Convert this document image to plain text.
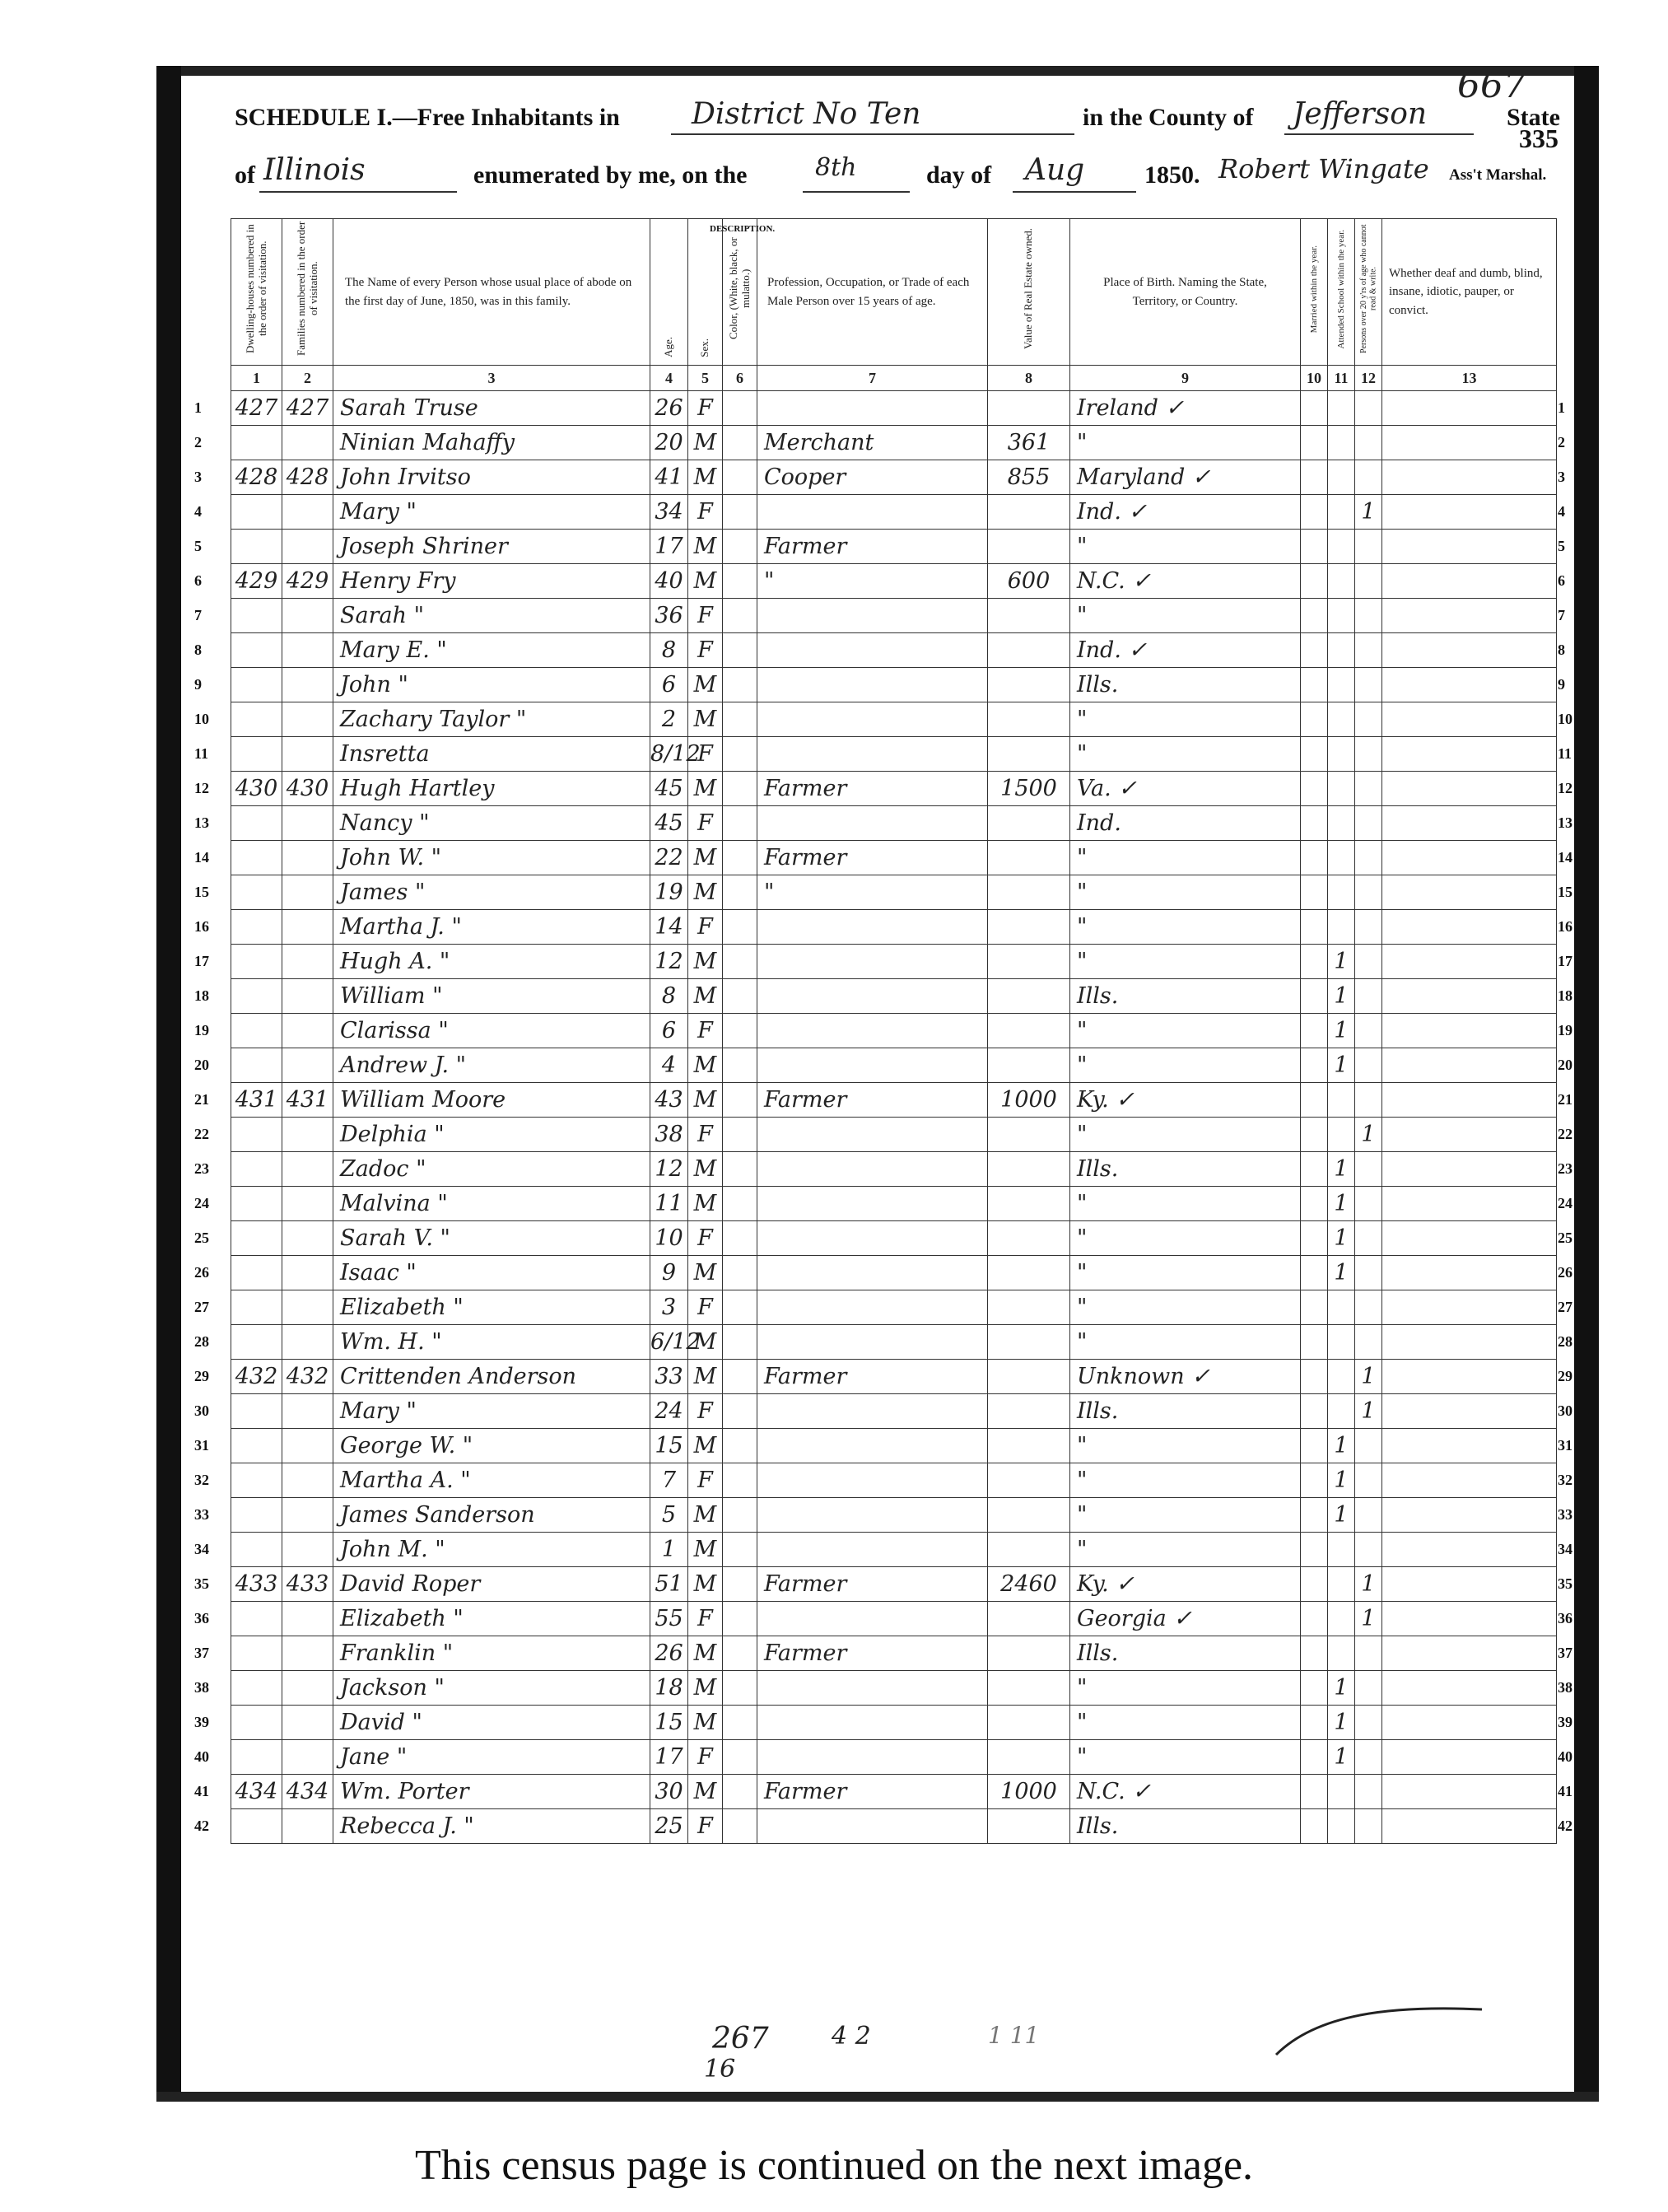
667
335
SCHEDULE I.—Free Inhabitants in District No Ten	in the County of Jefferson	State
of Illinois	enumerated by me, on the	8th	day of Aug 1850. Robert Wingate Ass't Marshal.
Dwelling-houses numbered in the order of visitation.	Families numbered in the order of visitation.	The Name of every Person whose usual place of abode on the first day of June, 1850, was in this family.	Age.	Sex.	Color, (White, black, or mulatto.)	Profession, Occupation, or Trade of each Male Person over 15 years of age.	Value of Real Estate owned.	Place of Birth. Naming the State, Territory, or Country.	Married within the year.	Attended School within the year.	Persons over 20 y'rs of age who cannot read & write.	Whether deaf and dumb, blind, insane, idiotic, pauper, or convict.
1	2	3	4	5	6	7	8	9	10	11	12	13
427	427	Sarah Truse	26	F				Ireland ✓				
		Ninian Mahaffy	20	M		Merchant	361	"				
428	428	John Irvitso	41	M		Cooper	855	Maryland ✓				
		Mary "	34	F				Ind. ✓			1	
		Joseph Shriner	17	M		Farmer		"				
429	429	Henry Fry	40	M		"	600	N.C. ✓				
		Sarah "	36	F				"				
		Mary E. "	8	F				Ind. ✓				
		John "	6	M				Ills.				
		Zachary Taylor "	2	M				"				
		Insretta	8/12	F				"				
430	430	Hugh Hartley	45	M		Farmer	1500	Va. ✓				
		Nancy "	45	F				Ind.				
		John W. "	22	M		Farmer		"				
		James "	19	M		"		"				
		Martha J. "	14	F				"				
		Hugh A. "	12	M				"		1		
		William "	8	M				Ills.		1		
		Clarissa "	6	F				"		1		
		Andrew J. "	4	M				"		1		
431	431	William Moore	43	M		Farmer	1000	Ky. ✓				
		Delphia "	38	F				"			1	
		Zadoc "	12	M				Ills.		1		
		Malvina "	11	M				"		1		
		Sarah V. "	10	F				"		1		
		Isaac "	9	M				"		1		
		Elizabeth "	3	F				"				
		Wm. H. "	6/12	M				"				
432	432	Crittenden Anderson	33	M		Farmer		Unknown ✓			1	
		Mary "	24	F				Ills.			1	
		George W. "	15	M				"		1		
		Martha A. "	7	F				"		1		
		James Sanderson	5	M				"		1		
		John M. "	1	M				"				
433	433	David Roper	51	M		Farmer	2460	Ky. ✓			1	
		Elizabeth "	55	F				Georgia ✓			1	
		Franklin "	26	M		Farmer		Ills.				
		Jackson "	18	M				"		1		
		David "	15	M				"		1		
		Jane "	17	F				"		1		
434	434	Wm. Porter	30	M		Farmer	1000	N.C. ✓				
		Rebecca J. "	25	F				Ills.				
DESCRIPTION.
1	1
2	2
3	3
4	4
5	5
6	6
7	7
8	8
9	9
10	10
11	11
12	12
13	13
14	14
15	15
16	16
17	17
18	18
19	19
20	20
21	21
22	22
23	23
24	24
25	25
26	26
27	27
28	28
29	29
30	30
31	31
32	32
33	33
34	34
35	35
36	36
37	37
38	38
39	39
40	40
41	41
42	42
267
16
4 2	1 11
This census page is continued on the next image.
